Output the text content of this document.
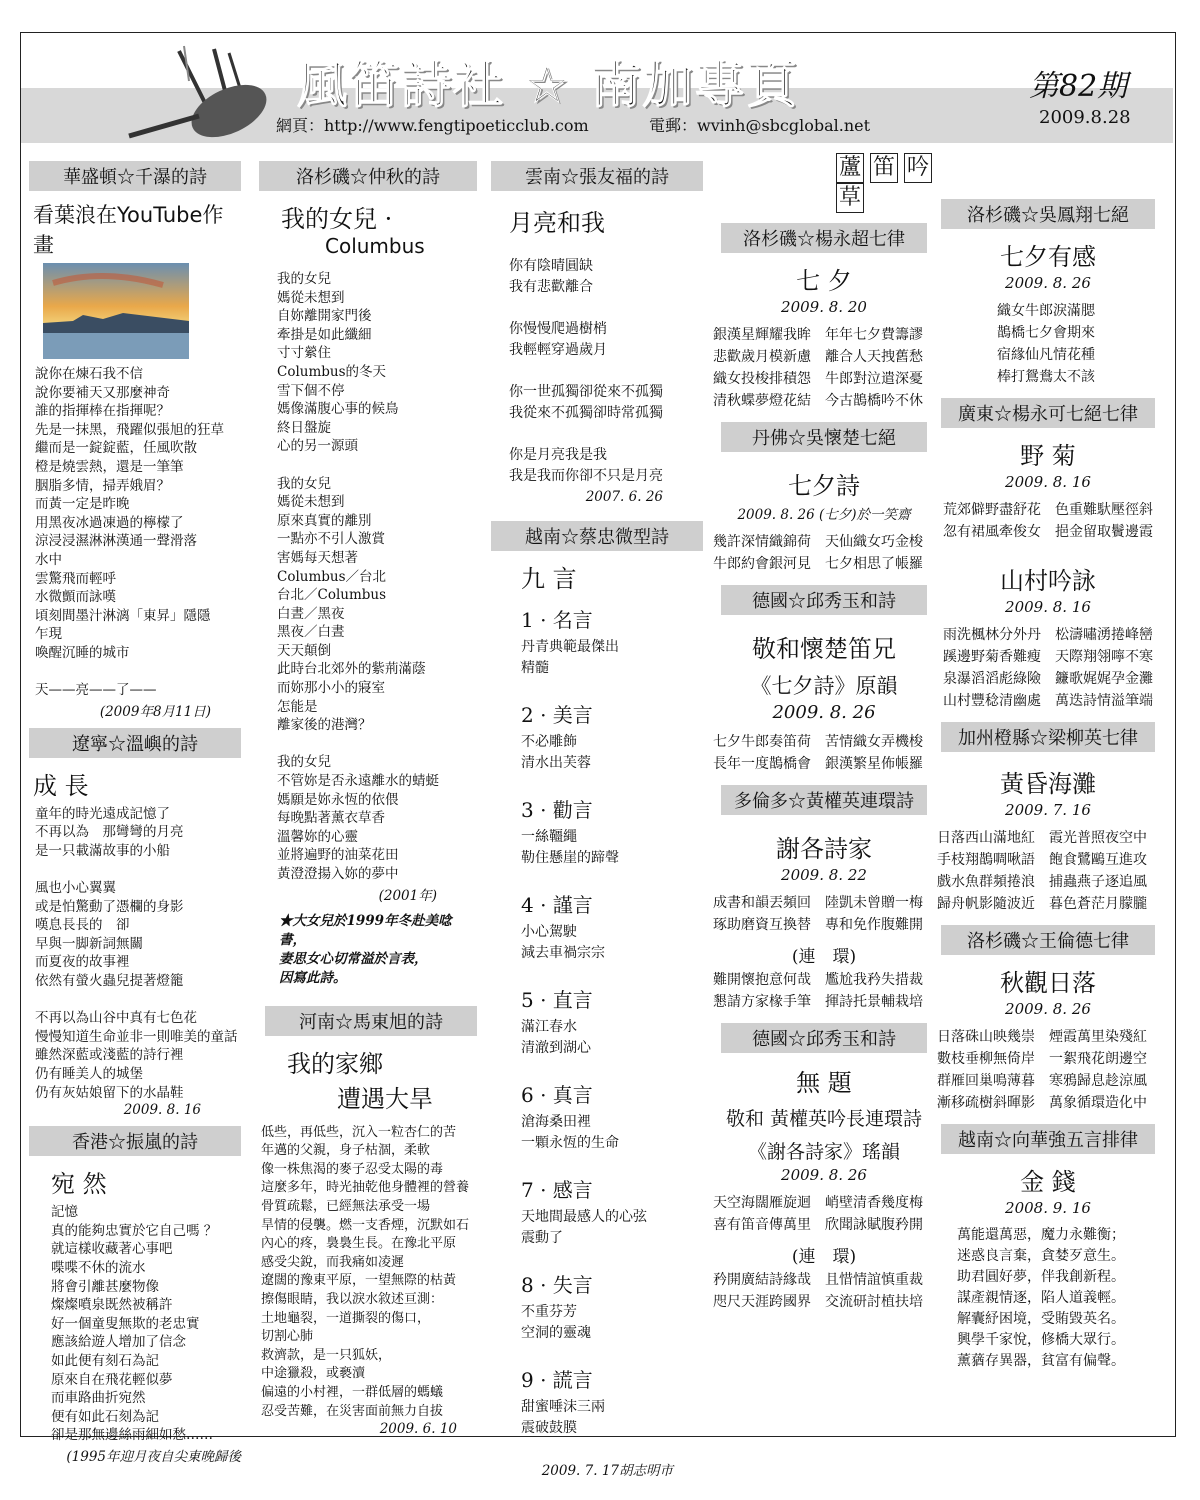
風笛詩社 ☆ 南加專頁
網頁：http://www.fengtipoeticclub.com	電郵：wvinh@sbcglobal.net
第82期
2009.8.28
華盛頓☆千瀑的詩
看葉浪在YouTube作畫
說你在煉石我不信
說你要補天又那麼神奇
誰的指揮棒在指揮呢？
先是一抹黑，飛躍似張旭的狂草
繼而是一錠錠藍，任風吹散
橙是燒雲熱，還是一筆筆
胭脂多情，掃弄娥眉？
而黃一定是昨晚
用黑夜冰過凍過的檸檬了
涼浸浸濕淋淋漢通一聲滑落
水中
雲驚飛而輕呼
水微顫而詠嘆
頃刻間墨汁淋漓「東昇」隱隱
乍現
喚醒沉睡的城市

天——亮——了——
(2009年8月11日)
遼寧☆溫嶼的詩
成 長
童年的時光遠成記憶了
不再以為　那彎彎的月亮
是一只載滿故事的小船

風也小心翼翼
或是怕驚動了憑欄的身影
嘆息長長的　卻
早與一脚新詞無關
而夏夜的故事裡
依然有螢火蟲兒提著燈籠

不再以為山谷中真有七色花
慢慢知道生命並非一則唯美的童話
雖然深藍或淺藍的詩行裡
仍有睡美人的城堡
仍有灰姑娘留下的水晶鞋
2009. 8. 16
香港☆振嵐的詩
宛 然
記憶
真的能夠忠實於它自己嗎 ？
就這樣收藏著心事吧
喋喋不休的流水
將會引離甚麼物像
燦燦噴泉既然被稱許
好一個童叟無欺的老忠實
應該給遊人增加了信念
如此便有刻石為記
原來自在飛花輕似夢
而車路曲折宛然
便有如此石刻為記
卻是那無邊絲雨細如愁……
(1995年迎月夜自尖東晚歸後
洛杉磯☆仲秋的詩
我的女兒 ·
Columbus
我的女兒
媽從未想到
自妳離開家門後
牽掛是如此纖細
寸寸縈住
Columbus的冬天
雪下個不停
媽像滿腹心事的候鳥
終日盤旋
心的另一源頭

我的女兒
媽從未想到
原來真實的離別
一點亦不引人激賞
害媽每天想著
Columbus／台北
台北／Columbus
白晝／黑夜
黑夜／白晝
天天顛倒
此時台北郊外的紫荊滿蔭
而妳那小小的寢室
怎能是
離家後的港灣？

我的女兒
不管妳是否永遠離水的蜻蜓
媽願是妳永恆的依偎
每晚點著薰衣草香
溫馨妳的心靈
並將遍野的油菜花田
黃澄澄揚入妳的夢中
(2001年)
★大女兒於1999年冬赴美唸書，
妻思女心切常溢於言表，
因寫此詩。
河南☆馬東旭的詩
我的家鄉
遭遇大旱
低些，再低些，沉入一粒杏仁的苦
年邁的父親，身子枯涸，柔軟
像一株焦渴的麥子忍受太陽的毒
這麼多年，時光抽乾他身體裡的營養
骨質疏鬆，已經無法承受一場
旱情的侵襲。燃一支香煙，沉默如石
內心的疼，裊裊生長。在豫北平原
感受尖銳，而我痛如凌遲
遼闊的豫東平原，一望無際的枯黃
擦傷眼睛，我以淚水敘述亘測：
土地龜裂，一道撕裂的傷口，
切割心肺
救濟款，是一只狐妖，
中途獵殺，或褻瀆
偏遠的小村裡，一群低層的螞蟻
忍受苦難，在災害面前無力自拔
2009. 6. 10
雲南☆張友福的詩
月亮和我
你有陰晴圓缺
我有悲歡離合

你慢慢爬過樹梢
我輕輕穿過歲月

你一世孤獨卻從來不孤獨
我從來不孤獨卻時常孤獨

你是月亮我是我
我是我而你卻不只是月亮
2007. 6. 26
越南☆蔡忠微型詩
九 言
1 · 名言
丹青典範最傑出
精髓
2 · 美言
不必雕飾
清水出芙蓉
3 · 勸言
一絲韁繩
勒住懸崖的蹄聲
4 · 謹言
小心駕駛
減去車禍宗宗
5 · 直言
滿江春水
清澈到湖心
6 · 真言
滄海桑田裡
一顆永恆的生命
7 · 感言
天地間最感人的心弦
震動了
8 · 失言
不重芬芳
空洞的靈魂
9 · 謊言
甜蜜唾沫三兩
震破鼓膜
2009. 7. 17胡志明市
蘆 笛 吟草
洛杉磯☆楊永超七律
七 夕
2009. 8. 20
銀漢星輝耀我眸　年年七夕費籌謬
悲歡歲月模新慮　離合人天拽舊愁
織女投梭排積怨　牛郎對泣遣深憂
清秋蝶夢燈花結　今古鵲橋吟不休
丹佛☆吳懷楚七絕
七夕詩
2009. 8. 26 (七夕)於一笑齋
幾許深情織錦荷　天仙織女巧金梭
牛郎約會銀河見　七夕相思了帳羅
德國☆邱秀玉和詩
敬和懷楚笛兄
《七夕詩》原韻
2009. 8. 26
七夕牛郎奏笛荷　苦情織女弄機梭
長年一度鵲橋會　銀漢繁星佈帳羅
多倫多☆黃權英連環詩
謝各詩家
2009. 8. 22
成書和韻丟頻回　陸凱未曾贈一梅
琢助磨資互換替　專和免作腹難開
(連　環)
難開懷抱意何哉　尷尬我矜失措裁
懇請方家椽手筆　揮詩托景輔栽培
德國☆邱秀玉和詩
無 題
敬和 黃權英吟長連環詩
《謝各詩家》瑤韻
2009. 8. 26
天空海闊雁旋迴　峭壁清香幾度梅
喜有笛音傳萬里　欣聞詠賦腹矜開
(連　環)
矜開廣結詩緣哉　且惜情誼慎重裁
咫尺天涯跨國界　交流研討植扶培
洛杉磯☆吳鳳翔七絕
七夕有感
2009. 8. 26
織女牛郎淚滿腮
鵲橋七夕會期來
宿緣仙凡情花種
棒打鴛鴦太不該
廣東☆楊永可七絕七律
野 菊
2009. 8. 16
荒郊僻野盡舒花　色重難馱壓徑斜
忽有裙風牽俊女　挹金留取鬢邊霞
山村吟詠
2009. 8. 16
雨洗楓林分外丹　松濤嘯湧捲峰巒
蹊邊野菊香難瘦　天際翔翎嚀不寒
泉瀑滔滔彪綠險　鐮歌娓娓孕金灘
山村豐稔清幽處　萬迭詩情溢筆端
加州橙縣☆梁柳英七律
黃昏海灘
2009. 7. 16
日落西山滿地紅　霞光普照夜空中
手枝翔鵲啁啾語　飽食鷺鷗互進攻
戲水魚群頻捲浪　捕蟲燕子逐追風
歸舟帆影隨波近　暮色蒼茫月朦朧
洛杉磯☆王倫德七律
秋觀日落
2009. 8. 26
日落硃山映幾崇　煙霞萬里染殘紅
數枝垂柳無倚岸　一絮飛花朗邊空
群雁回巢鳴薄暮　寒鴉歸息趁涼風
漸移疏樹斜暉影　萬象循環造化中
越南☆向華強五言排律
金 錢
2008. 9. 16
萬能還萬惡，魔力永難衡；
迷惑良言棄，貪婪歹意生。
助君圓好夢，伴我創新程。
謀產親情逐，陷人道義輕。
解囊紓困境，受賄毀英名。
興學千家悅，修橋大眾行。
薰蕕存異器，貧富有偏聲。
